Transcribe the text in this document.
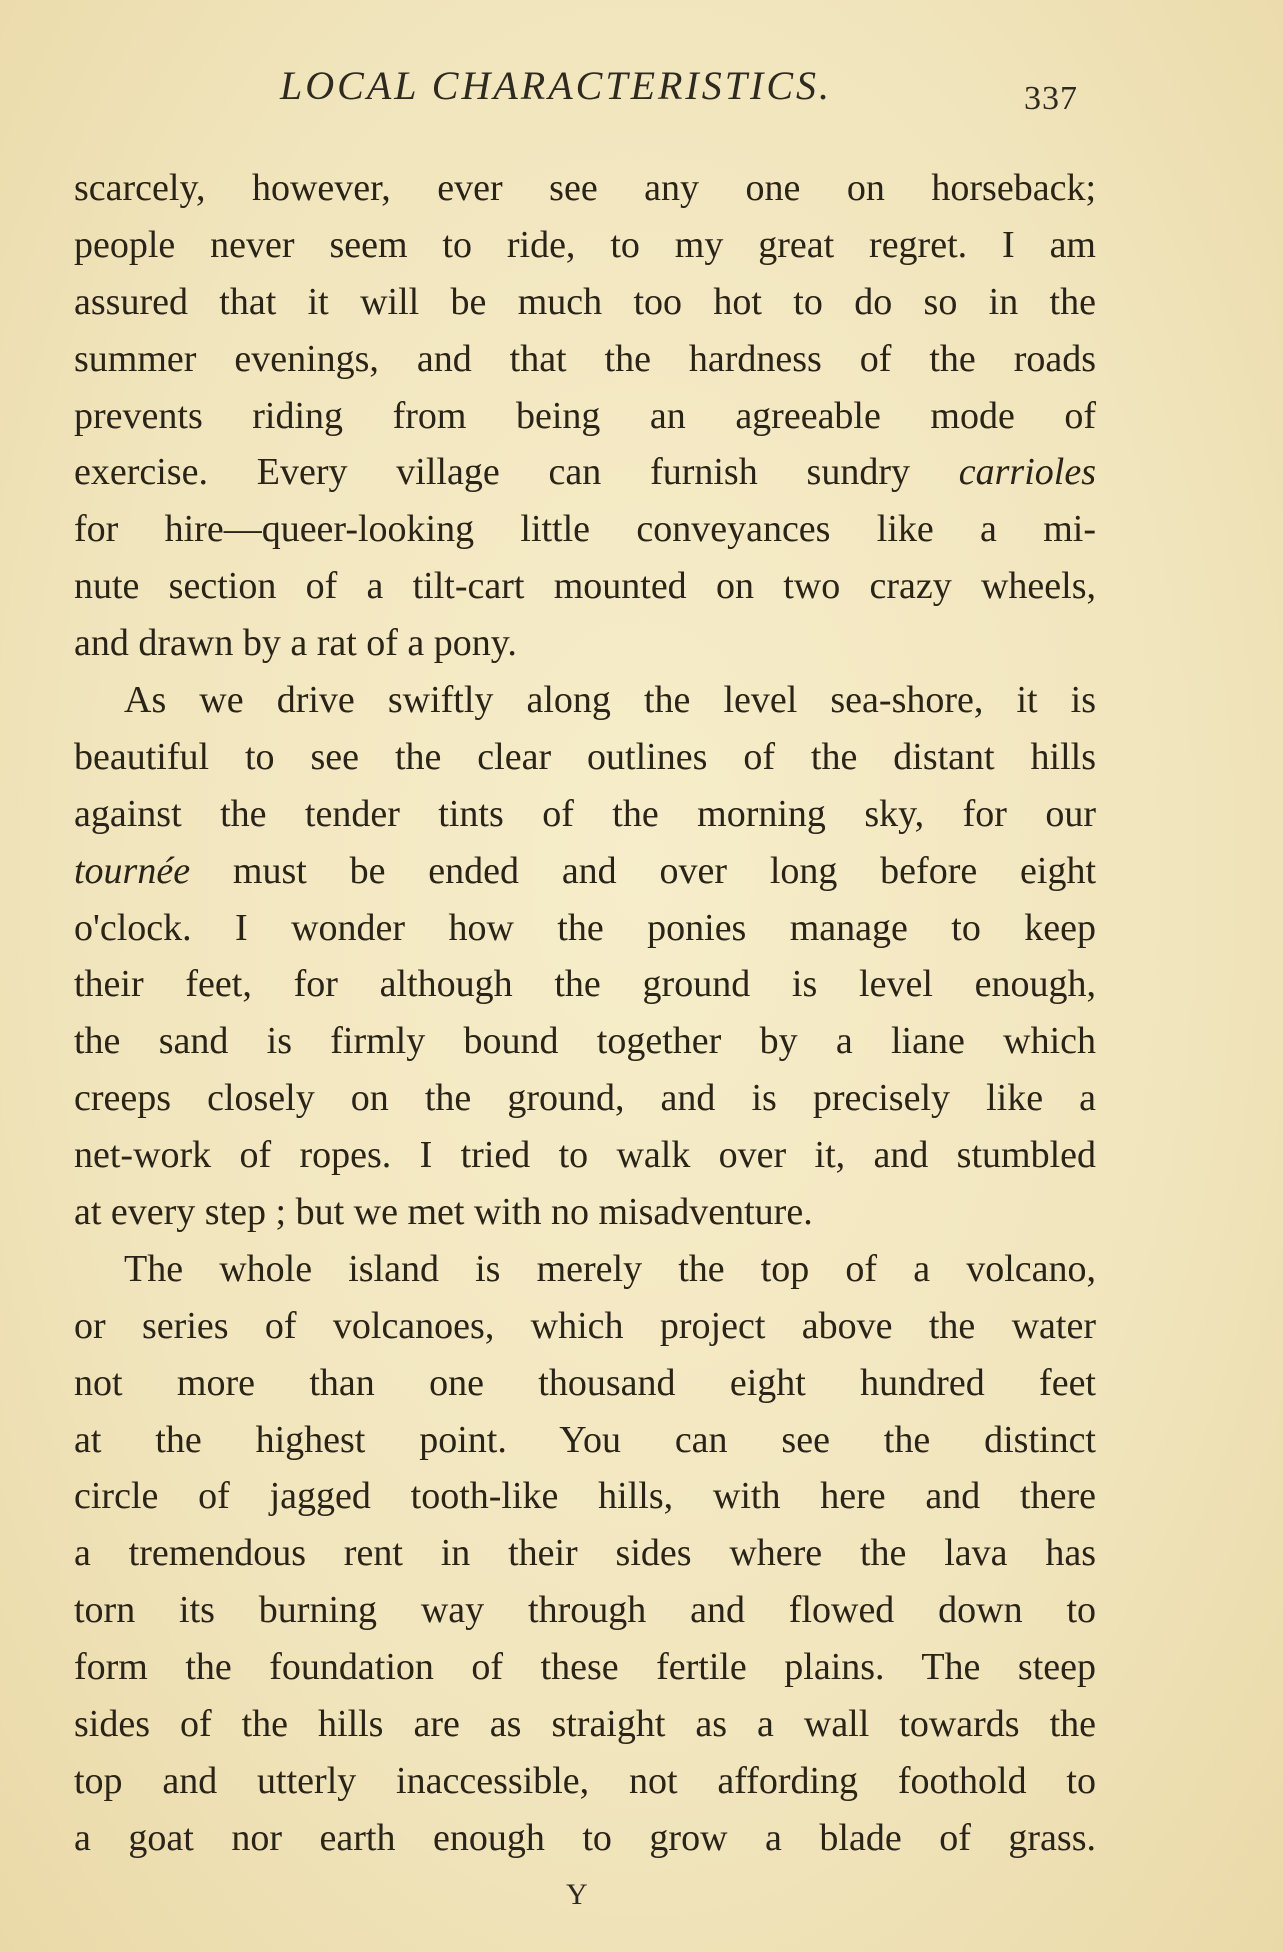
LOCAL CHARACTERISTICS.	337

scarcely, however, ever see any one on horseback;
people never seem to ride, to my great regret. I am
assured that it will be much too hot to do so in the
summer evenings, and that the hardness of the roads
prevents riding from being an agreeable mode of
exercise. Every village can furnish sundry carrioles
for hire—queer-looking little conveyances like a mi-
nute section of a tilt-cart mounted on two crazy wheels,
and drawn by a rat of a pony.

As we drive swiftly along the level sea-shore, it is
beautiful to see the clear outlines of the distant hills
against the tender tints of the morning sky, for our
tournée must be ended and over long before eight
o'clock. I wonder how the ponies manage to keep
their feet, for although the ground is level enough,
the sand is firmly bound together by a liane which
creeps closely on the ground, and is precisely like a
net-work of ropes. I tried to walk over it, and stumbled
at every step ; but we met with no misadventure.

The whole island is merely the top of a volcano,
or series of volcanoes, which project above the water
not more than one thousand eight hundred feet
at the highest point. You can see the distinct
circle of jagged tooth-like hills, with here and there
a tremendous rent in their sides where the lava has
torn its burning way through and flowed down to
form the foundation of these fertile plains. The steep
sides of the hills are as straight as a wall towards the
top and utterly inaccessible, not affording foothold to
a goat nor earth enough to grow a blade of grass.

Y
